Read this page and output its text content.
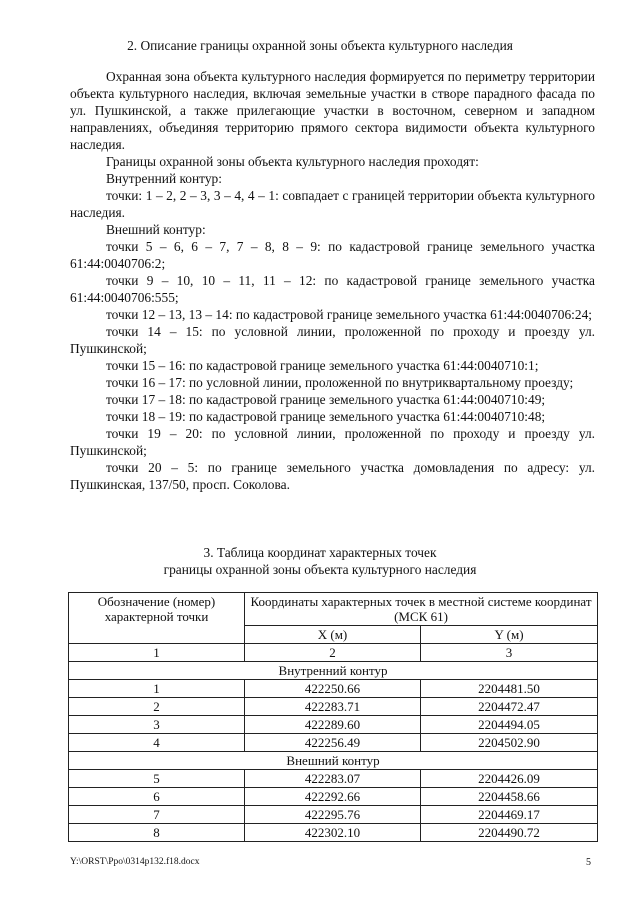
2. Описание границы охранной зоны объекта культурного наследия

Охранная зона объекта культурного наследия формируется по периметру территории объекта культурного наследия, включая земельные участки в створе парадного фасада по ул. Пушкинской, а также прилегающие участки в восточном, северном и западном направлениях, объединяя территорию прямого сектора видимости объекта культурного наследия.

Границы охранной зоны объекта культурного наследия проходят:

Внутренний контур:

точки: 1 – 2, 2 – 3, 3 – 4, 4 – 1: совпадает с границей территории объекта культурного наследия.

Внешний контур:

точки 5 – 6, 6 – 7, 7 – 8, 8 – 9: по кадастровой границе земельного участка 61:44:0040706:2;

точки 9 – 10, 10 – 11, 11 – 12: по кадастровой границе земельного участка 61:44:0040706:555;

точки 12 – 13, 13 – 14: по кадастровой границе земельного участка 61:44:0040706:24;

точки 14 – 15: по условной линии, проложенной по проходу и проезду ул. Пушкинской;

точки 15 – 16: по кадастровой границе земельного участка 61:44:0040710:1;

точки 16 – 17: по условной линии, проложенной по внутриквартальному проезду;

точки 17 – 18: по кадастровой границе земельного участка 61:44:0040710:49;

точки 18 – 19: по кадастровой границе земельного участка 61:44:0040710:48;

точки 19 – 20: по условной линии, проложенной по проходу и проезду ул. Пушкинской;

точки 20 – 5: по границе земельного участка домовладения по адресу: ул. Пушкинская, 137/50, просп. Соколова.

3. Таблица координат характерных точек
границы охранной зоны объекта культурного наследия
Обозначение (номер) характерной точки	Координаты характерных точек в местной системе координат (МСК 61)	
	X (м)	Y (м)
1	2	3
Внутренний контур		
1	422250.66	2204481.50
2	422283.71	2204472.47
3	422289.60	2204494.05
4	422256.49	2204502.90
Внешний контур		
5	422283.07	2204426.09
6	422292.66	2204458.66
7	422295.76	2204469.17
8	422302.10	2204490.72
Y:\ORST\Ppo\0314p132.f18.docx	5
